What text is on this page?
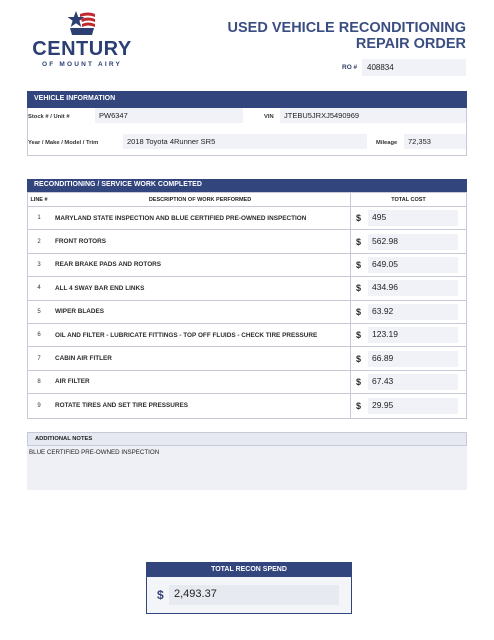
CENTURY
OF MOUNT AIRY
USED VEHICLE RECONDITIONING
REPAIR ORDER
RO #	408834
VEHICLE INFORMATION
Stock # / Unit #	PW6347	VIN	JTEBU5JRXJ5490969
Year / Make / Model / Trim	2018 Toyota 4Runner SR5	Mileage	72,353
RECONDITIONING / SERVICE WORK COMPLETED
LINE #	DESCRIPTION OF WORK PERFORMED	TOTAL COST
1	MARYLAND STATE INSPECTION AND BLUE CERTIFIED PRE-OWNED INSPECTION	$	495
2	FRONT ROTORS	$	562.98
3	REAR BRAKE PADS AND ROTORS	$	649.05
4	ALL 4 SWAY BAR END LINKS	$	434.96
5	WIPER BLADES	$	63.92
6	OIL AND FILTER - LUBRICATE FITTINGS - TOP OFF FLUIDS - CHECK TIRE PRESSURE	$	123.19
7	CABIN AIR FITLER	$	66.89
8	AIR FILTER	$	67.43
9	ROTATE TIRES AND SET TIRE PRESSURES	$	29.95
ADDITIONAL NOTES
BLUE CERTIFIED PRE-OWNED INSPECTION
TOTAL RECON SPEND
$ 2,493.37
